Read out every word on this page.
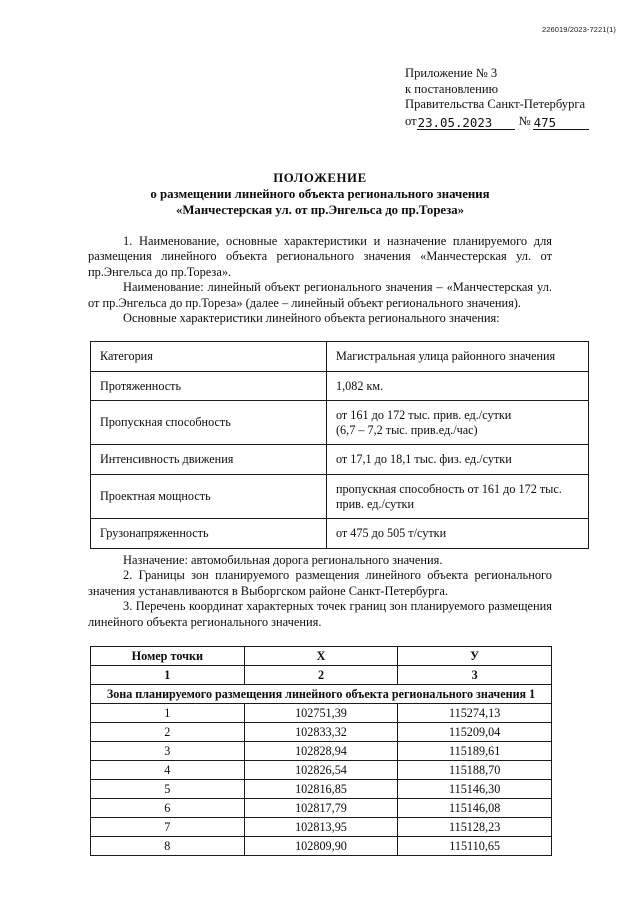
226019/2023-7221(1)
Приложение № 3
к постановлению
Правительства Санкт-Петербурга
от 23.05.2023	№ 475
ПОЛОЖЕНИЕ
о размещении линейного объекта регионального значения
«Манчестерская ул. от пр.Энгельса до пр.Тореза»

1. Наименование, основные характеристики и назначение планируемого для размещения линейного объекта регионального значения «Манчестерская ул. от пр.Энгельса до пр.Тореза».

Наименование: линейный объект регионального значения – «Манчестерская ул. от пр.Энгельса до пр.Тореза» (далее – линейный объект регионального значения).

Основные характеристики линейного объекта регионального значения:

Категория	Магистральная улица районного значения
Протяженность	1,082 км.
Пропускная способность	от 161 до 172 тыс. прив. ед./сутки
(6,7 – 7,2 тыс. прив.ед./час)
Интенсивность движения	от 17,1 до 18,1 тыс. физ. ед./сутки
Проектная мощность	пропускная способность от 161 до 172 тыс. прив. ед./сутки
Грузонапряженность	от 475 до 505 т/сутки

Назначение: автомобильная дорога регионального значения.

2. Границы зон планируемого размещения линейного объекта регионального значения устанавливаются в Выборгском районе Санкт-Петербурга.

3. Перечень координат характерных точек границ зон планируемого размещения линейного объекта регионального значения.

Номер точки	X	У
1	2	3
Зона планируемого размещения линейного объекта регионального значения 1		
1	102751,39	115274,13
2	102833,32	115209,04
3	102828,94	115189,61
4	102826,54	115188,70
5	102816,85	115146,30
6	102817,79	115146,08
7	102813,95	115128,23
8	102809,90	115110,65
